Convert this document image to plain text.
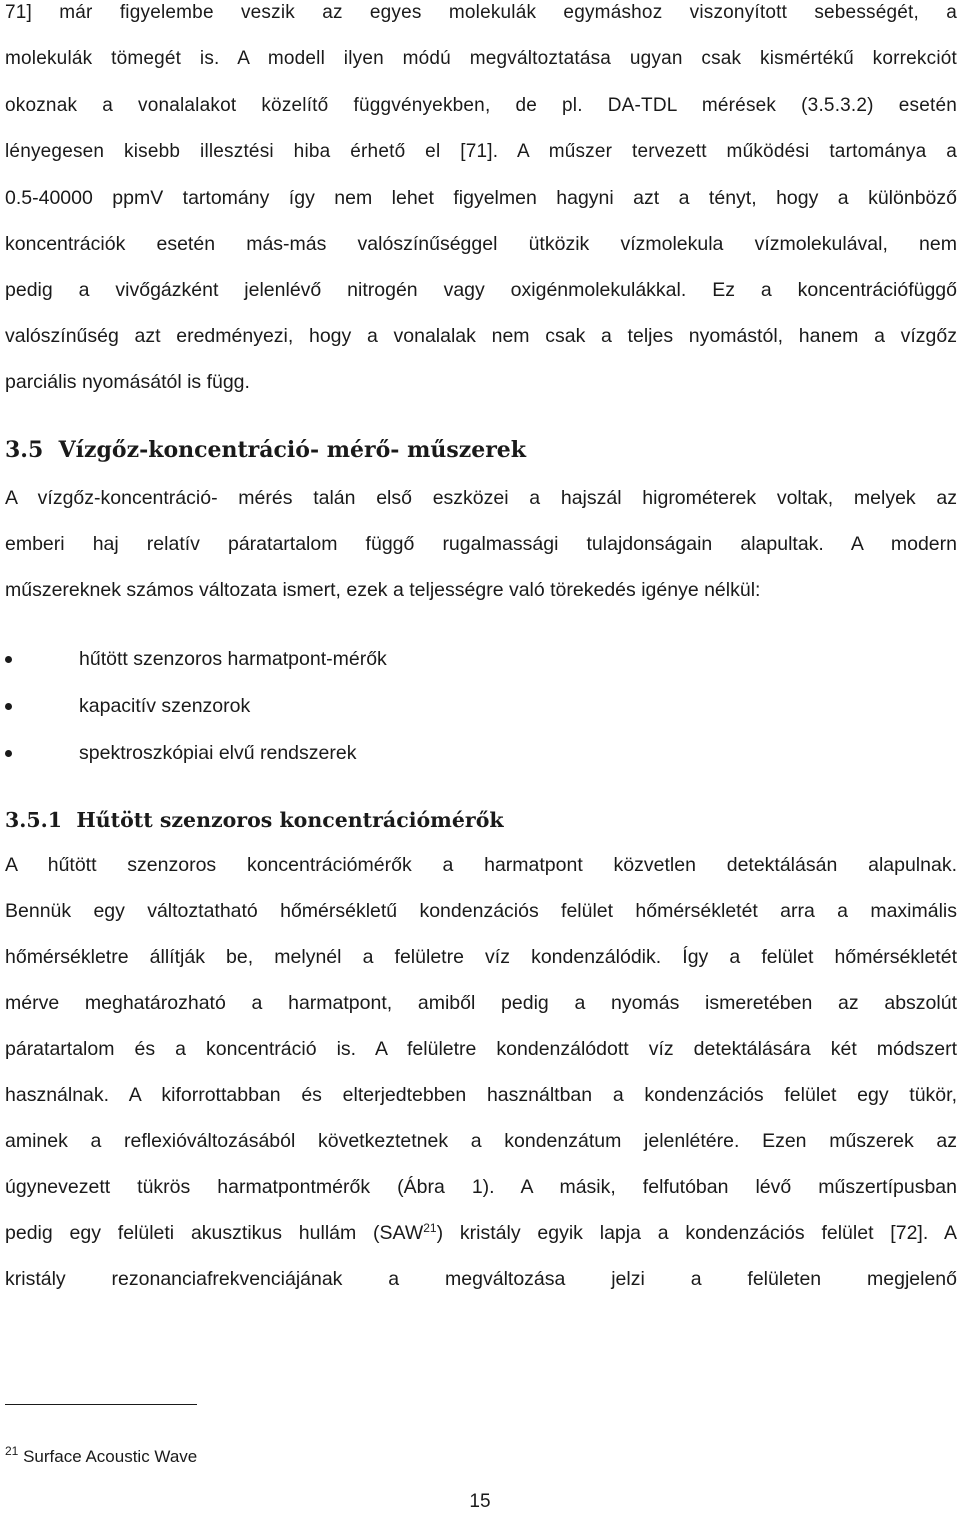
71] már figyelembe veszik az egyes molekulák egymáshoz viszonyított sebességét, a
molekulák tömegét is. A modell ilyen módú megváltoztatása ugyan csak kismértékű korrekciót
okoznak a vonalalakot közelítő függvényekben, de pl. DA-TDL mérések (3.5.3.2) esetén
lényegesen kisebb illesztési hiba érhető el [71]. A műszer tervezett működési tartománya a
0.5-40000 ppmV tartomány így nem lehet figyelmen hagyni azt a tényt, hogy a különböző
koncentrációk esetén más-más valószínűséggel ütközik vízmolekula vízmolekulával, nem
pedig a vivőgázként jelenlévő nitrogén vagy oxigénmolekulákkal. Ez a koncentrációfüggő
valószínűség azt eredményezi, hogy a vonalalak nem csak a teljes nyomástól, hanem a vízgőz
parciális nyomásától is függ.
3.5 Vízgőz-koncentráció- mérő- műszerek
A vízgőz-koncentráció- mérés talán első eszközei a hajszál higrométerek voltak, melyek az
emberi haj relatív páratartalom függő rugalmassági tulajdonságain alapultak. A modern
műszereknek számos változata ismert, ezek a teljességre való törekedés igénye nélkül:
hűtött szenzoros harmatpont-mérők
kapacitív szenzorok
spektroszkópiai elvű rendszerek
3.5.1 Hűtött szenzoros koncentrációmérők
A hűtött szenzoros koncentrációmérők a harmatpont közvetlen detektálásán alapulnak.
Bennük egy változtatható hőmérsékletű kondenzációs felület hőmérsékletét arra a maximális
hőmérsékletre állítják be, melynél a felületre víz kondenzálódik. Így a felület hőmérsékletét
mérve meghatározható a harmatpont, amiből pedig a nyomás ismeretében az abszolút
páratartalom és a koncentráció is. A felületre kondenzálódott víz detektálására két módszert
használnak. A kiforrottabban és elterjedtebben használtban a kondenzációs felület egy tükör,
aminek a reflexióváltozásából következtetnek a kondenzátum jelenlétére. Ezen műszerek az
úgynevezett tükrös harmatpontmérők (Ábra 1). A másik, felfutóban lévő műszertípusban
pedig egy felületi akusztikus hullám (SAW$^{21}$) kristály egyik lapja a kondenzációs felület [72]. A
kristály rezonanciafrekvenciájának a megváltozása jelzi a felületen megjelenő
$^{21}$ Surface Acoustic Wave
15
